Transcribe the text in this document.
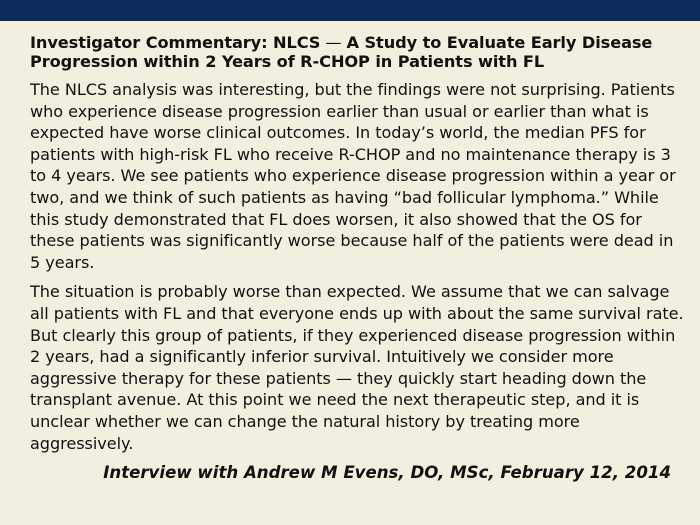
Investigator Commentary: NLCS — A Study to Evaluate Early Disease Progression within 2 Years of R-CHOP in Patients with FL

The NLCS analysis was interesting, but the findings were not surprising. Patients who experience disease progression earlier than usual or earlier than what is expected have worse clinical outcomes. In today’s world, the median PFS for patients with high-risk FL who receive R-CHOP and no maintenance therapy is 3 to 4 years. We see patients who experience disease progression within a year or two, and we think of such patients as having “bad follicular lymphoma.” While this study demonstrated that FL does worsen, it also showed that the OS for these patients was significantly worse because half of the patients were dead in 5 years.

The situation is probably worse than expected. We assume that we can salvage all patients with FL and that everyone ends up with about the same survival rate. But clearly this group of patients, if they experienced disease progression within 2 years, had a significantly inferior survival. Intuitively we consider more aggressive therapy for these patients — they quickly start heading down the transplant avenue. At this point we need the next therapeutic step, and it is unclear whether we can change the natural history by treating more aggressively.

Interview with Andrew M Evens, DO, MSc, February 12, 2014
